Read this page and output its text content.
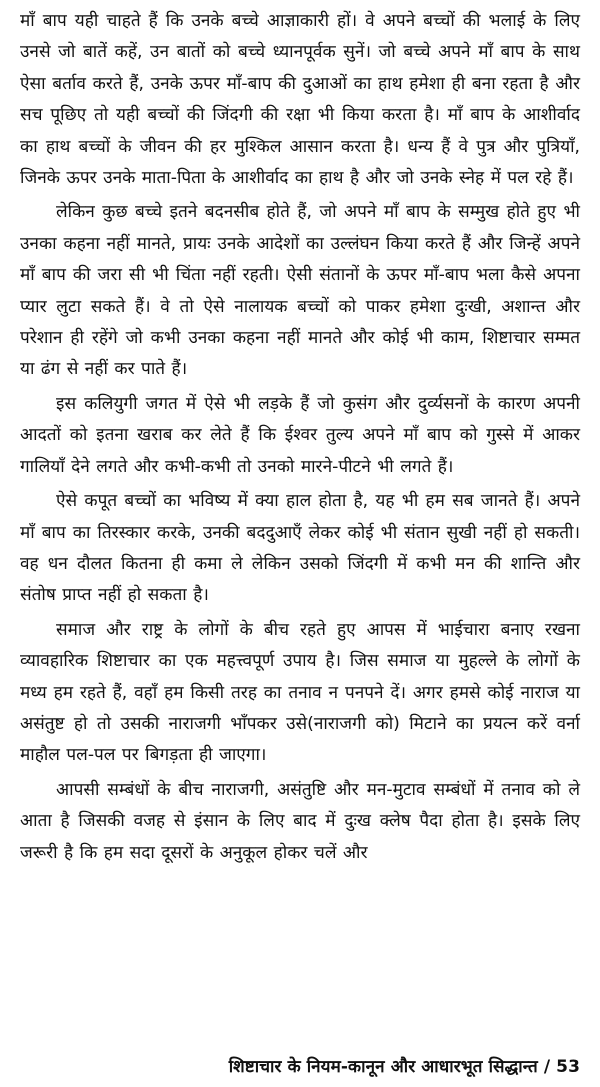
माँ बाप यही चाहते हैं कि उनके बच्चे आज्ञाकारी हों। वे अपने बच्चों की भलाई के लिए उनसे जो बातें कहें, उन बातों को बच्चे ध्यानपूर्वक सुनें। जो बच्चे अपने माँ बाप के साथ ऐसा बर्ताव करते हैं, उनके ऊपर माँ-बाप की दुआओं का हाथ हमेशा ही बना रहता है और सच पूछिए तो यही बच्चों की जिंदगी की रक्षा भी किया करता है। माँ बाप के आशीर्वाद का हाथ बच्चों के जीवन की हर मुश्किल आसान करता है। धन्य हैं वे पुत्र और पुत्रियाँ, जिनके ऊपर उनके माता-पिता के आशीर्वाद का हाथ है और जो उनके स्नेह में पल रहे हैं।

लेकिन कुछ बच्चे इतने बदनसीब होते हैं, जो अपने माँ बाप के सम्मुख होते हुए भी उनका कहना नहीं मानते, प्रायः उनके आदेशों का उल्लंघन किया करते हैं और जिन्हें अपने माँ बाप की जरा सी भी चिंता नहीं रहती। ऐसी संतानों के ऊपर माँ-बाप भला कैसे अपना प्यार लुटा सकते हैं। वे तो ऐसे नालायक बच्चों को पाकर हमेशा दुःखी, अशान्त और परेशान ही रहेंगे जो कभी उनका कहना नहीं मानते और कोई भी काम, शिष्टाचार सम्मत या ढंग से नहीं कर पाते हैं।

इस कलियुगी जगत में ऐसे भी लड़के हैं जो कुसंग और दुर्व्यसनों के कारण अपनी आदतों को इतना खराब कर लेते हैं कि ईश्वर तुल्य अपने माँ बाप को गुस्से में आकर गालियाँ देने लगते और कभी-कभी तो उनको मारने-पीटने भी लगते हैं।

ऐसे कपूत बच्चों का भविष्य में क्या हाल होता है, यह भी हम सब जानते हैं। अपने माँ बाप का तिरस्कार करके, उनकी बददुआएँ लेकर कोई भी संतान सुखी नहीं हो सकती। वह धन दौलत कितना ही कमा ले लेकिन उसको जिंदगी में कभी मन की शान्ति और संतोष प्राप्त नहीं हो सकता है।

समाज और राष्ट्र के लोगों के बीच रहते हुए आपस में भाईचारा बनाए रखना व्यावहारिक शिष्टाचार का एक महत्त्वपूर्ण उपाय है। जिस समाज या मुहल्ले के लोगों के मध्य हम रहते हैं, वहाँ हम किसी तरह का तनाव न पनपने दें। अगर हमसे कोई नाराज या असंतुष्ट हो तो उसकी नाराजगी भाँपकर उसे(नाराजगी को) मिटाने का प्रयत्न करें वर्ना माहौल पल-पल पर बिगड़ता ही जाएगा।

आपसी सम्बंधों के बीच नाराजगी, असंतुष्टि और मन-मुटाव सम्बंधों में तनाव को ले आता है जिसकी वजह से इंसान के लिए बाद में दुःख क्लेष पैदा होता है। इसके लिए जरूरी है कि हम सदा दूसरों के अनुकूल होकर चलें और

शिष्टाचार के नियम-कानून और आधारभूत सिद्धान्त / 53
